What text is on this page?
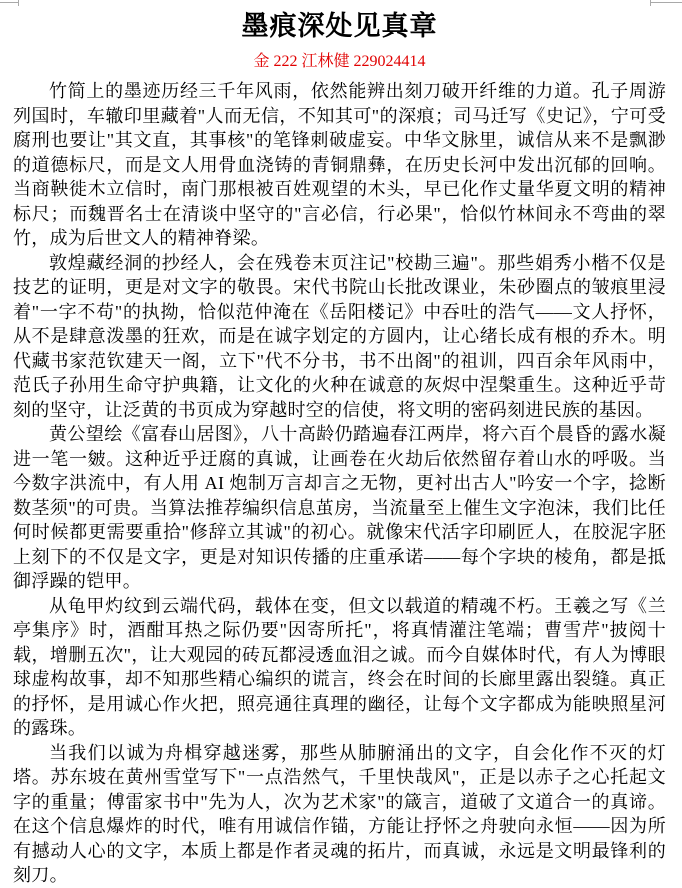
墨痕深处见真章
金 222 江林健 229024414

竹简上的墨迹历经三千年风雨，依然能辨出刻刀破开纤维的力道。孔子周游列国时，车辙印里藏着"人而无信，不知其可"的深痕；司马迁写《史记》，宁可受腐刑也要让"其文直，其事核"的笔锋刺破虚妄。中华文脉里，诚信从来不是飘渺的道德标尺，而是文人用骨血浇铸的青铜鼎彝，在历史长河中发出沉郁的回响。当商鞅徙木立信时，南门那根被百姓观望的木头，早已化作丈量华夏文明的精神标尺；而魏晋名士在清谈中坚守的"言必信，行必果"，恰似竹林间永不弯曲的翠竹，成为后世文人的精神脊梁。

敦煌藏经洞的抄经人，会在残卷末页注记"校勘三遍"。那些娟秀小楷不仅是技艺的证明，更是对文字的敬畏。宋代书院山长批改课业，朱砂圈点的皱痕里浸着"一字不苟"的执拗，恰似范仲淹在《岳阳楼记》中吞吐的浩气——文人抒怀，从不是肆意泼墨的狂欢，而是在诚字划定的方圆内，让心绪长成有根的乔木。明代藏书家范钦建天一阁，立下"代不分书，书不出阁"的祖训，四百余年风雨中，范氏子孙用生命守护典籍，让文化的火种在诚意的灰烬中涅槃重生。这种近乎苛刻的坚守，让泛黄的书页成为穿越时空的信使，将文明的密码刻进民族的基因。

黄公望绘《富春山居图》，八十高龄仍踏遍春江两岸，将六百个晨昏的露水凝进一笔一皴。这种近乎迂腐的真诚，让画卷在火劫后依然留存着山水的呼吸。当今数字洪流中，有人用 AI 炮制万言却言之无物，更衬出古人"吟安一个字，捻断数茎须"的可贵。当算法推荐编织信息茧房，当流量至上催生文字泡沫，我们比任何时候都更需要重拾"修辞立其诚"的初心。就像宋代活字印刷匠人，在胶泥字胚上刻下的不仅是文字，更是对知识传播的庄重承诺——每个字块的棱角，都是抵御浮躁的铠甲。

从龟甲灼纹到云端代码，载体在变，但文以载道的精魂不朽。王羲之写《兰亭集序》时，酒酣耳热之际仍要"因寄所托"，将真情灌注笔端；曹雪芹"披阅十载，增删五次"，让大观园的砖瓦都浸透血泪之诚。而今自媒体时代，有人为博眼球虚构故事，却不知那些精心编织的谎言，终会在时间的长廊里露出裂缝。真正的抒怀，是用诚心作火把，照亮通往真理的幽径，让每个文字都成为能映照星河的露珠。

当我们以诚为舟楫穿越迷雾，那些从肺腑涌出的文字，自会化作不灭的灯塔。苏东坡在黄州雪堂写下"一点浩然气，千里快哉风"，正是以赤子之心托起文字的重量；傅雷家书中"先为人，次为艺术家"的箴言，道破了文道合一的真谛。在这个信息爆炸的时代，唯有用诚信作锚，方能让抒怀之舟驶向永恒——因为所有撼动人心的文字，本质上都是作者灵魂的拓片，而真诚，永远是文明最锋利的刻刀。
